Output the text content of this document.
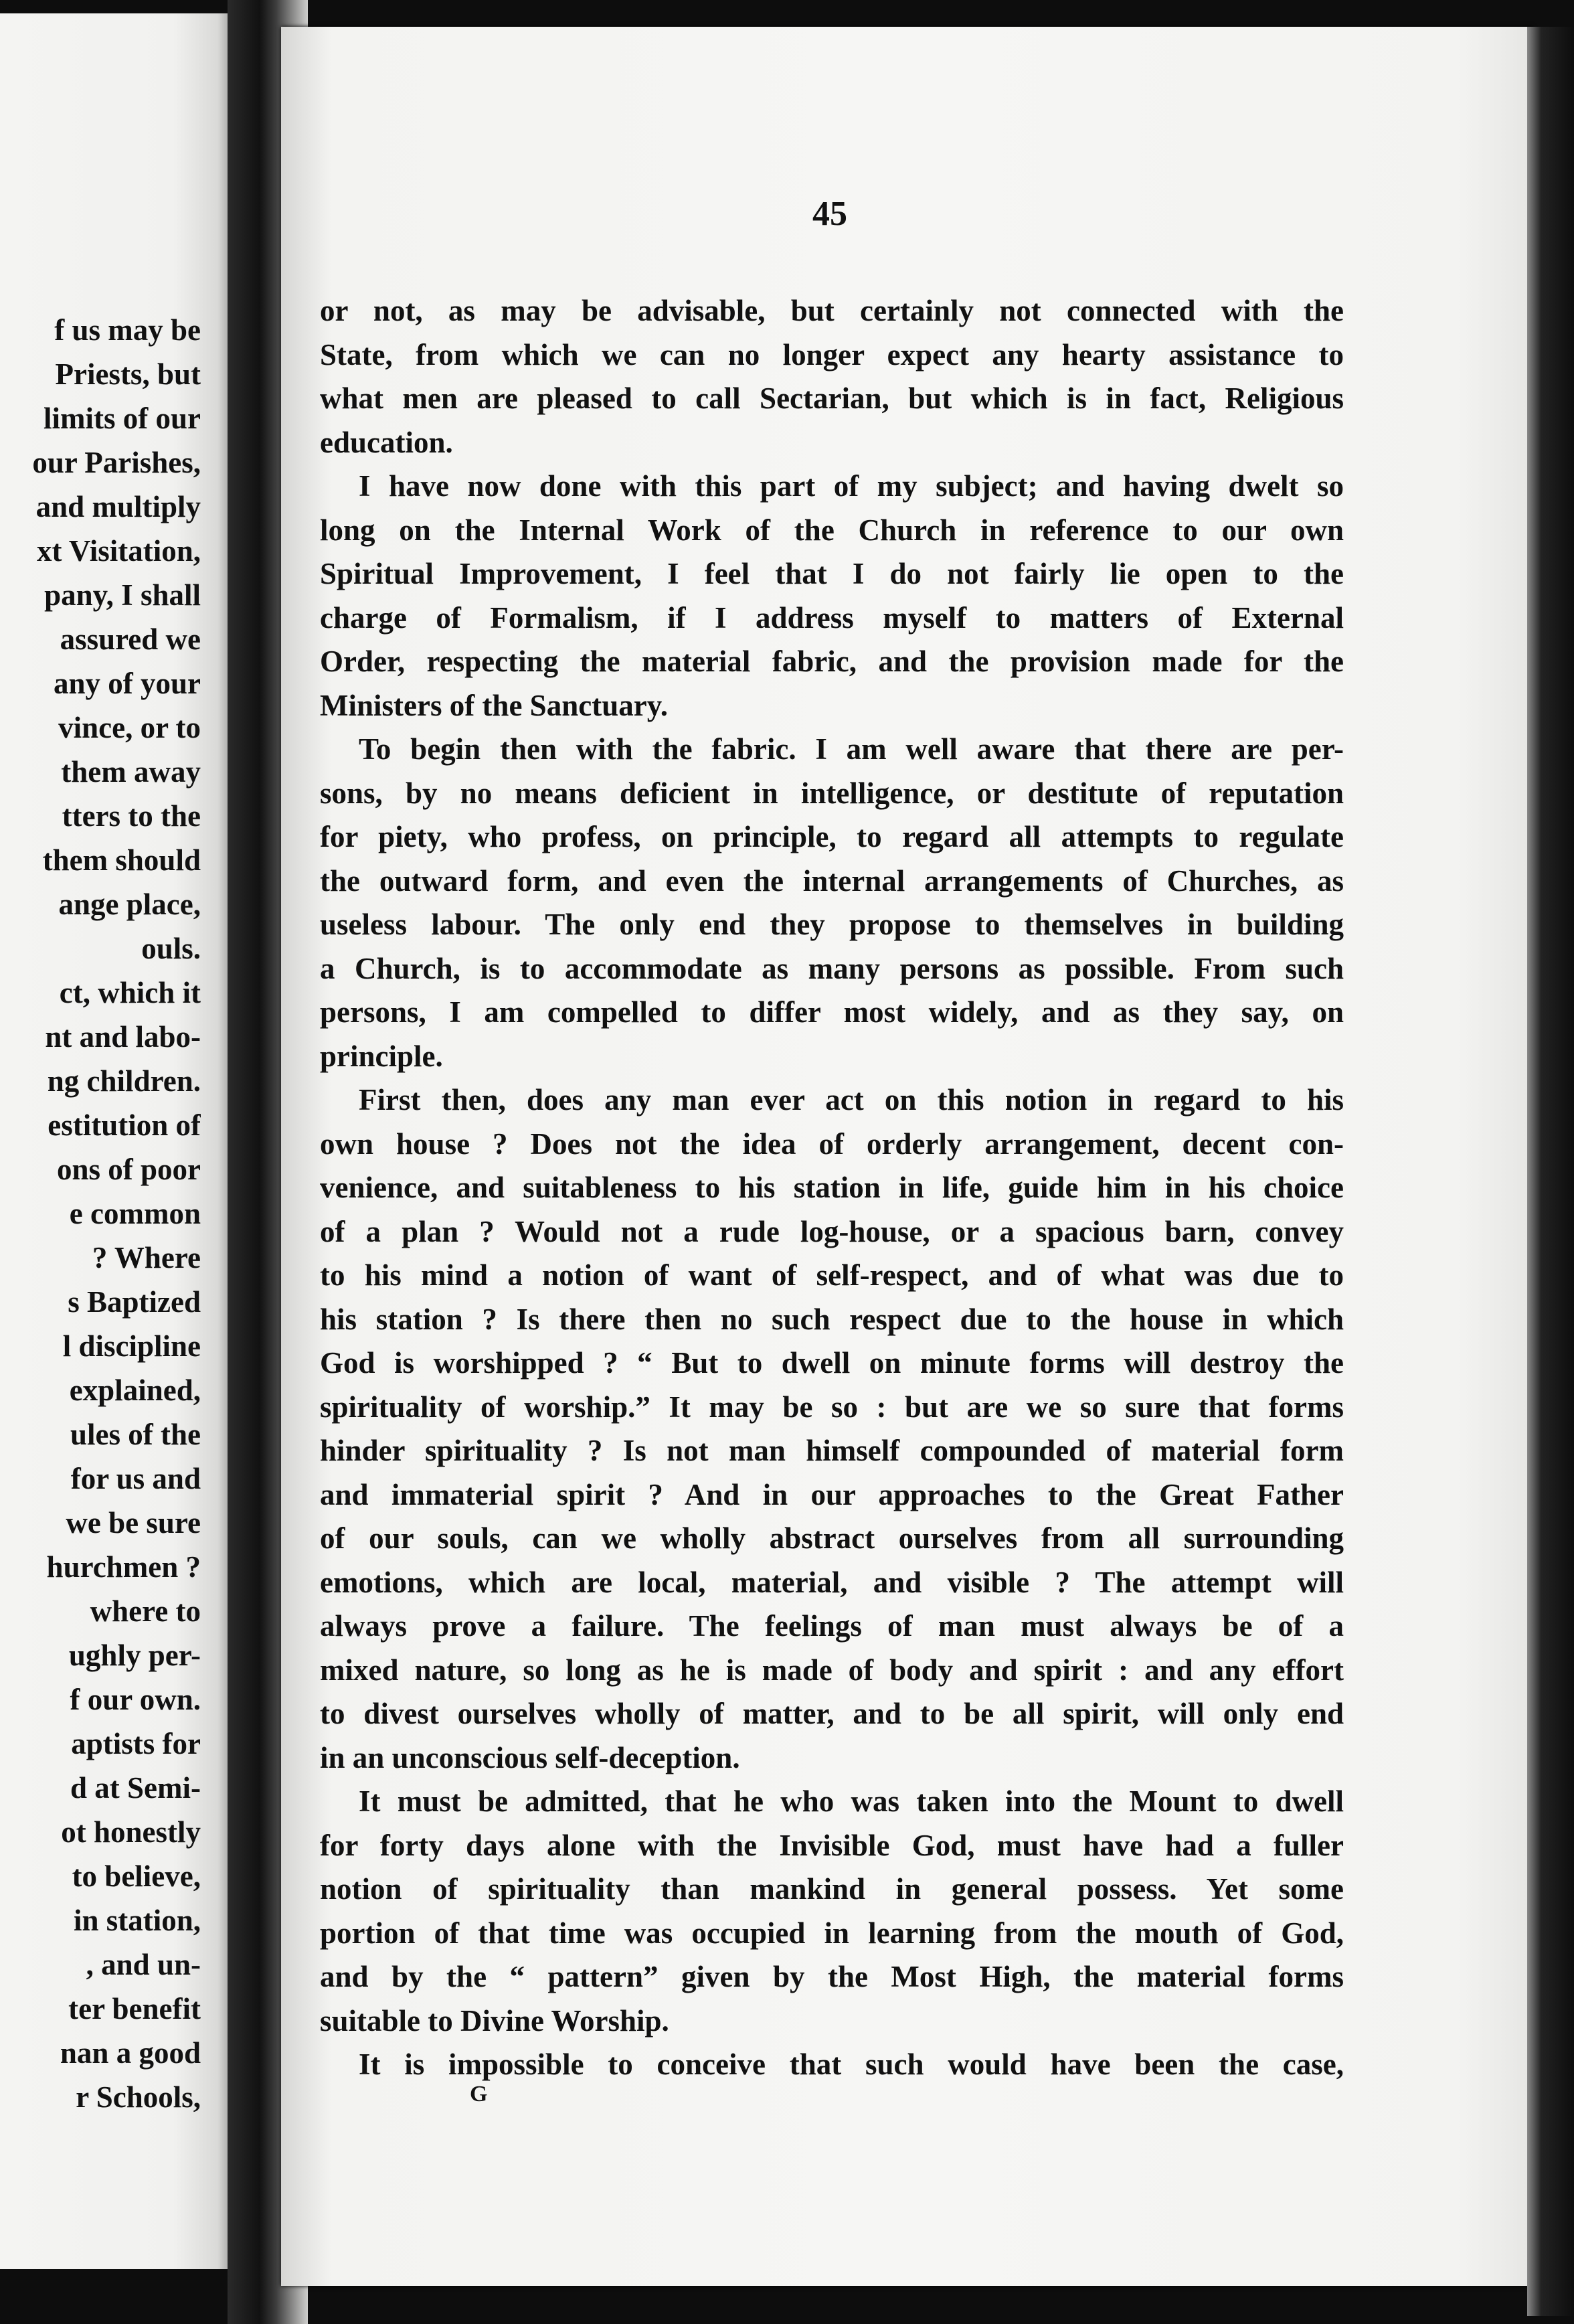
f us may be
Priests, but
limits of our
our Parishes,
and multiply
xt Visitation,
pany, I shall
assured we
any of your
vince, or to
them away
tters to the
them should
ange place,
ouls.
ct, which it
nt and labo-
ng children.
estitution of
ons of poor
e common
? Where
s Baptized
l discipline
explained,
ules of the
for us and
we be sure
hurchmen ?
where to
ughly per-
f our own.
aptists for
d at Semi-
ot honestly
to believe,
in station,
, and un-
ter benefit
nan a good
r Schools,
45

or not, as may be advisable, but certainly not connected with the
State, from which we can no longer expect any hearty assistance to
what men are pleased to call Sectarian, but which is in fact, Religious
education.

I have now done with this part of my subject; and having dwelt so
long on the Internal Work of the Church in reference to our own
Spiritual Improvement, I feel that I do not fairly lie open to the
charge of Formalism, if I address myself to matters of External
Order, respecting the material fabric, and the provision made for the
Ministers of the Sanctuary.

To begin then with the fabric. I am well aware that there are per-
sons, by no means deficient in intelligence, or destitute of reputation
for piety, who profess, on principle, to regard all attempts to regulate
the outward form, and even the internal arrangements of Churches, as
useless labour. The only end they propose to themselves in building
a Church, is to accommodate as many persons as possible. From such
persons, I am compelled to differ most widely, and as they say, on
principle.

First then, does any man ever act on this notion in regard to his
own house ? Does not the idea of orderly arrangement, decent con-
venience, and suitableness to his station in life, guide him in his choice
of a plan ? Would not a rude log-house, or a spacious barn, convey
to his mind a notion of want of self-respect, and of what was due to
his station ? Is there then no such respect due to the house in which
God is worshipped ? “ But to dwell on minute forms will destroy the
spirituality of worship.” It may be so : but are we so sure that forms
hinder spirituality ? Is not man himself compounded of material form
and immaterial spirit ? And in our approaches to the Great Father
of our souls, can we wholly abstract ourselves from all surrounding
emotions, which are local, material, and visible ? The attempt will
always prove a failure. The feelings of man must always be of a
mixed nature, so long as he is made of body and spirit : and any effort
to divest ourselves wholly of matter, and to be all spirit, will only end
in an unconscious self-deception.

It must be admitted, that he who was taken into the Mount to dwell
for forty days alone with the Invisible God, must have had a fuller
notion of spirituality than mankind in general possess. Yet some
portion of that time was occupied in learning from the mouth of God,
and by the “ pattern” given by the Most High, the material forms
suitable to Divine Worship.

It is impossible to conceive that such would have been the case,

G
